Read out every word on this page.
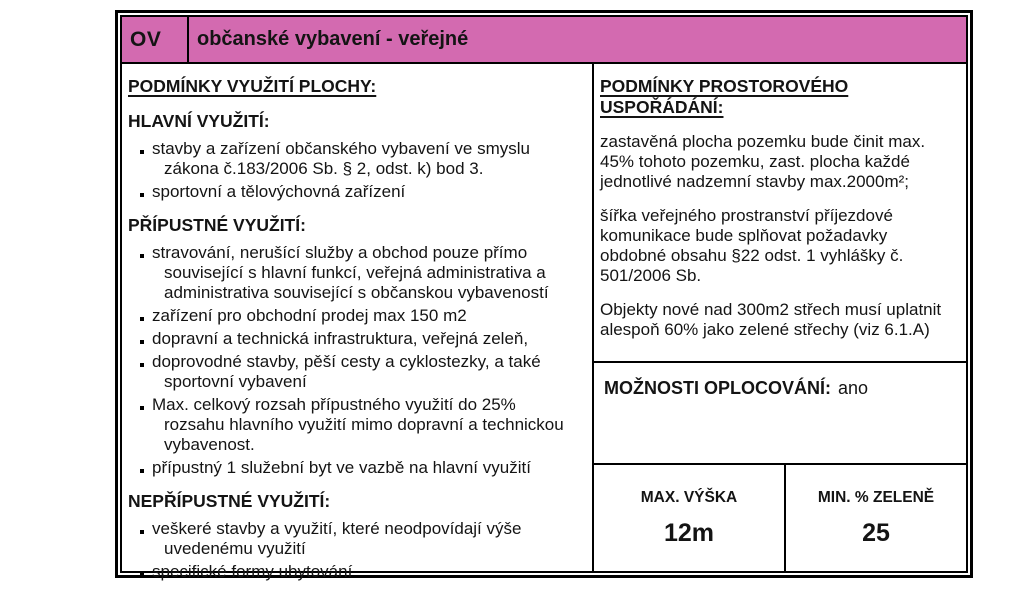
OV občanské vybavení - veřejné
PODMÍNKY VYUŽITÍ PLOCHY:
HLAVNÍ VYUŽITÍ:
stavby a zařízení občanského vybavení ve smyslu zákona č.183/2006 Sb. § 2, odst. k) bod 3.
sportovní a tělovýchovná zařízení
PŘÍPUSTNÉ VYUŽITÍ:
stravování, nerušící služby a obchod pouze přímo související s hlavní funkcí, veřejná administrativa a administrativa související s občanskou vybaveností
zařízení pro obchodní prodej max 150 m2
dopravní a technická infrastruktura, veřejná zeleň,
doprovodné stavby, pěší cesty a cyklostezky, a také sportovní vybavení
Max. celkový rozsah přípustného využití do 25% rozsahu hlavního využití mimo dopravní a technickou vybavenost.
přípustný 1 služební byt ve vazbě na hlavní využití
NEPŘÍPUSTNÉ VYUŽITÍ:
veškeré stavby a využití, které neodpovídají výše uvedenému využití
specifické formy ubytování
PODMÍNKY PROSTOROVÉHO USPOŘÁDÁNÍ:

zastavěná plocha pozemku bude činit max. 45% tohoto pozemku, zast. plocha každé jednotlivé nadzemní stavby max.2000m²;

šířka veřejného prostranství příjezdové komunikace bude splňovat požadavky obdobné obsahu §22 odst. 1 vyhlášky č. 501/2006 Sb.

Objekty nové nad 300m2 střech musí uplatnit alespoň 60% jako zelené střechy (viz 6.1.A)

MOŽNOSTI OPLOCOVÁNÍ: ano
MAX. VÝŠKA
12m
MIN. % ZELENĚ
25
